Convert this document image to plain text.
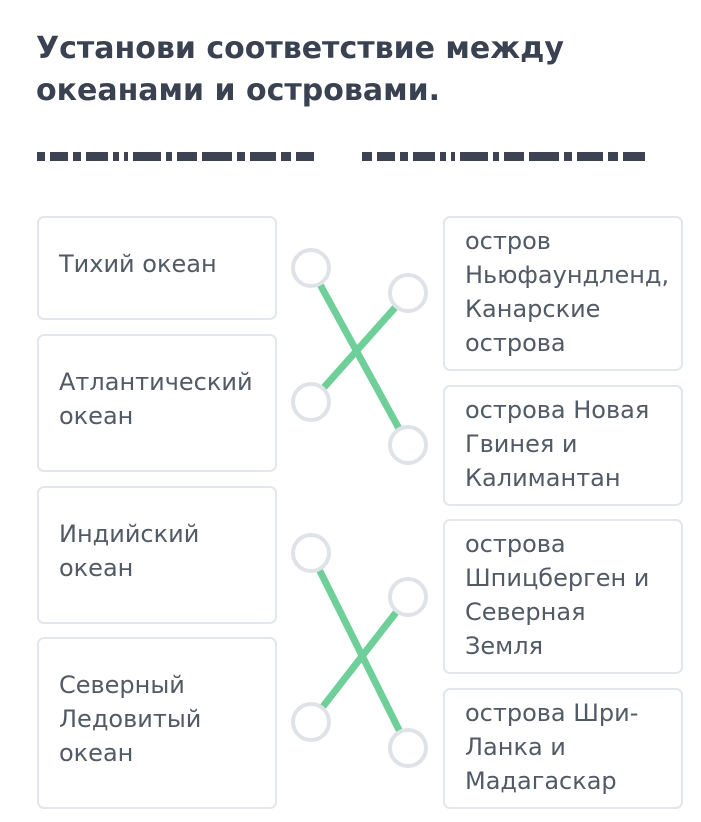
Установи соответствие между океанами и островами.
Тихий океан
Атлантический океан
Индийский океан
Северный Ледовитый океан
остров Ньюфаундленд, Канарские острова
острова Новая Гвинея и Калимантан
острова Шпицберген и Северная Земля
острова Шри-Ланка и Мадагаскар
